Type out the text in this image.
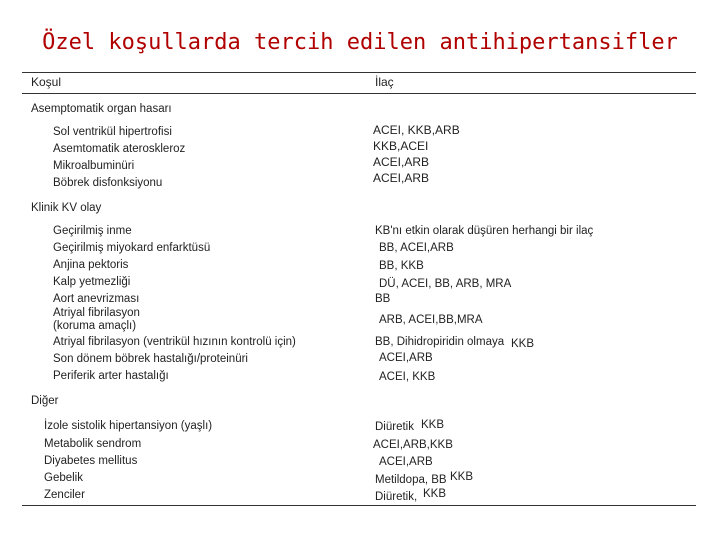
Özel koşullarda tercih edilen antihipertansifler
Koşul	İlaç
Asemptomatik organ hasarı
Sol ventrikül hipertrofisi	ACEI, KKB,ARB
Asemtomatik ateroskleroz	KKB,ACEI
Mikroalbuminüri	ACEI,ARB
Böbrek disfonksiyonu	ACEI,ARB
Klinik KV olay
Geçirilmiş inme	KB'nı etkin olarak düşüren herhangi bir ilaç
Geçirilmiş miyokard enfarktüsü	BB, ACEI,ARB
Anjina pektoris	BB, KKB
Kalp yetmezliği	DÜ, ACEI, BB, ARB, MRA
Aort anevrizması	BB
Atriyal fibrilasyon
(koruma amaçlı)	ARB, ACEI,BB,MRA
Atriyal fibrilasyon (ventrikül hızının kontrolü için)	BB, Dihidropiridin olmaya KKB
Son dönem böbrek hastalığı/proteinüri	ACEI,ARB
Periferik arter hastalığı	ACEI, KKB
Diğer
İzole sistolik hipertansiyon (yaşlı)	Diüretik KKB
Metabolik sendrom	ACEI,ARB,KKB
Diyabetes mellitus	ACEI,ARB
Gebelik	Metildopa, BB KKB
Zenciler	Diüretik, KKB
